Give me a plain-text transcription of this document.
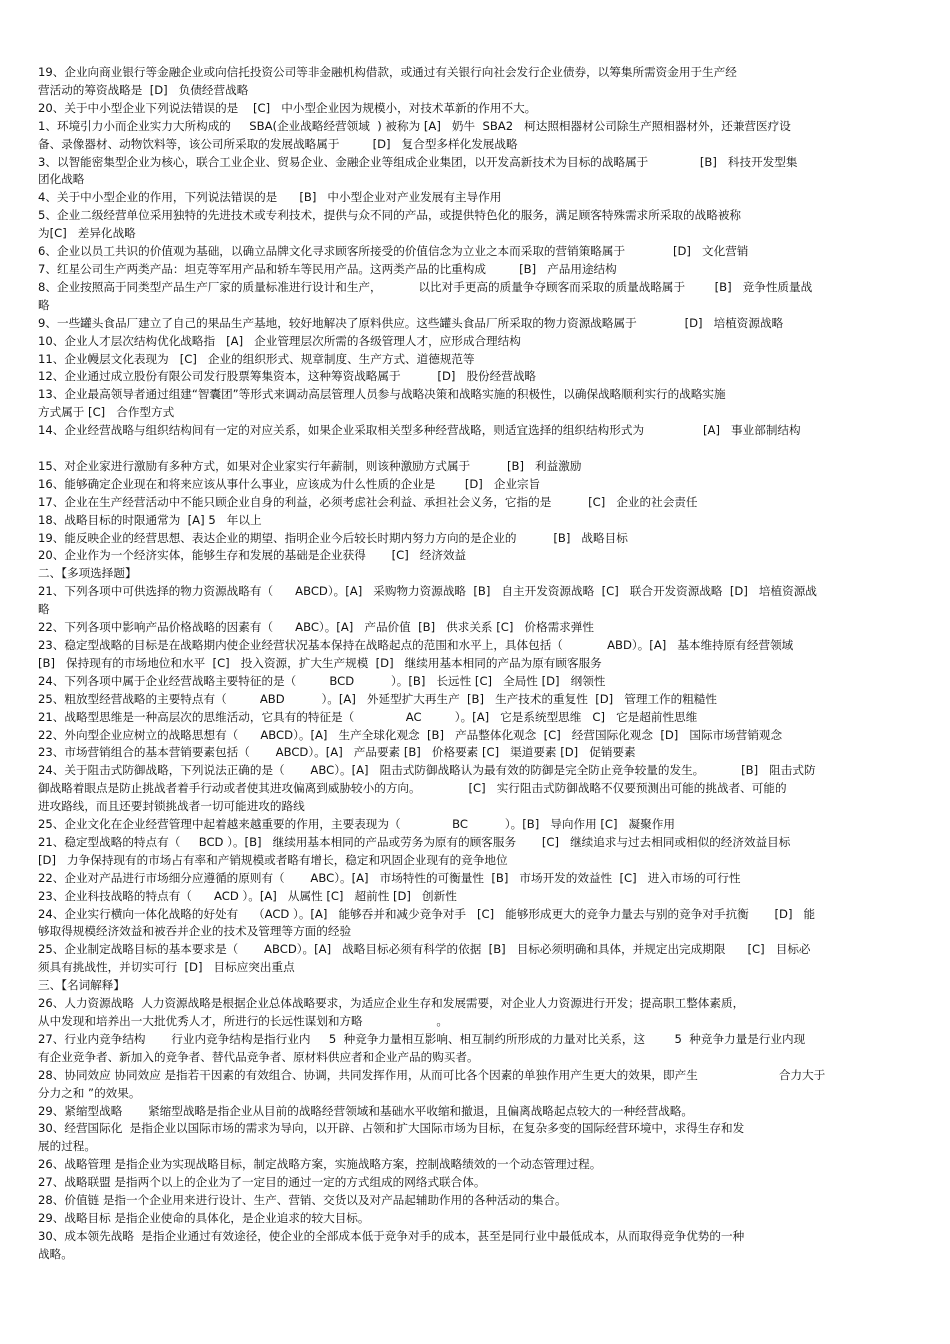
19、企业向商业银行等金融企业或向信托投资公司等非金融机构借款，或通过有关银行向社会发行企业债券，以筹集所需资金用于生产经
营活动的筹资战略是  [D]   负债经营战略
20、关于中小型企业下列说法错误的是    [C]   中小型企业因为规模小，对技术革新的作用不大。
1、环境引力小而企业实力大所构成的     SBA(企业战略经营领域  ) 被称为 [A]   奶牛  SBA2   柯达照相器材公司除生产照相器材外，还兼营医疗设
备、录像器材、动物饮料等，该公司所采取的发展战略属于         [D]   复合型多样化发展战略
3、以智能密集型企业为核心，联合工业企业、贸易企业、金融企业等组成企业集团，以开发高新技术为目标的战略属于              [B]   科技开发型集
团化战略
4、关于中小型企业的作用，下列说法错误的是      [B]   中小型企业对产业发展有主导作用
5、企业二级经营单位采用独特的先进技术或专利技术，提供与众不同的产品，或提供特色化的服务，满足顾客特殊需求所采取的战略被称
为[C]   差异化战略
6、企业以员工共识的价值观为基础，以确立品牌文化寻求顾客所接受的价值信念为立业之本而采取的营销策略属于             [D]   文化营销
7、红星公司生产两类产品：坦克等军用产品和轿车等民用产品。这两类产品的比重构成         [B]   产品用途结构
8、企业按照高于同类型产品生产厂家的质量标准进行设计和生产，          以比对手更高的质量争夺顾客而采取的质量战略属于        [B]   竞争性质量战
略
9、一些罐头食品厂建立了自己的果品生产基地，较好地解决了原料供应。这些罐头食品厂所采取的物力资源战略属于             [D]   培植资源战略
10、企业人才层次结构优化战略指   [A]   企业管理层次所需的各级管理人才，应形成合理结构
11、企业幔层文化表现为   [C]   企业的组织形式、规章制度、生产方式、道德规范等
12、企业通过成立股份有限公司发行股票筹集资本，这种筹资战略属于          [D]   股份经营战略
13、企业最高领导者通过组建“智囊团”等形式来调动高层管理人员参与战略决策和战略实施的积极性，以确保战略顺利实行的战略实施
方式属于 [C]   合作型方式
14、企业经营战略与组织结构间有一定的对应关系，如果企业采取相关型多种经营战略，则适宜选择的组织结构形式为                [A]   事业部制结构
15、对企业家进行激励有多种方式，如果对企业家实行年薪制，则该种激励方式属于          [B]   利益激励
16、能够确定企业现在和将来应该从事什么事业，应该成为什么性质的企业是        [D]   企业宗旨
17、企业在生产经营活动中不能只顾企业自身的利益，必须考虑社会利益、承担社会义务，它指的是          [C]   企业的社会责任
18、战略目标的时限通常为  [A] 5   年以上
19、能反映企业的经营思想、表达企业的期望、指明企业今后较长时期内努力方向的是企业的          [B]   战略目标
20、企业作为一个经济实体，能够生存和发展的基础是企业获得       [C]   经济效益
二、【多项选择题】
21、下列各项中可供选择的物力资源战略有（      ABCD）。[A]   采购物力资源战略  [B]   自主开发资源战略  [C]   联合开发资源战略  [D]   培植资源战
略
22、下列各项中影响产品价格战略的因素有（      ABC）。[A]   产品价值  [B]   供求关系 [C]   价格需求弹性
23、稳定型战略的目标是在战略期内使企业经营状况基本保持在战略起点的范围和水平上，具体包括（            ABD）。[A]   基本维持原有经营领域
[B]   保持现有的市场地位和水平  [C]   投入资源，扩大生产规模  [D]   继续用基本相同的产品为原有顾客服务
24、下列各项中属于企业经营战略主要特征的是（         BCD          ）。[B]   长远性 [C]   全局性 [D]   纲领性
25、粗放型经营战略的主要特点有（         ABD          ）。[A]   外延型扩大再生产  [B]   生产技术的重复性  [D]   管理工作的粗糙性
21、战略型思维是一种高层次的思维活动，它具有的特征是（              AC         ）。[A]   它是系统型思维   C]   它是超前性思维
22、外向型企业应树立的战略思想有（      ABCD）。[A]   生产全球化观念  [B]   产品整体化观念  [C]   经营国际化观念  [D]   国际市场营销观念
23、市场营销组合的基本营销要素包括（       ABCD）。[A]   产品要素 [B]   价格要素 [C]   渠道要素 [D]   促销要素
24、关于阻击式防御战略，下列说法正确的是（       ABC）。[A]   阻击式防御战略认为最有效的防御是完全防止竞争较量的发生。          [B]   阻击式防
御战略着眼点是防止挑战者着手行动或者使其进攻偏离到威胁较小的方向。             [C]   实行阻击式防御战略不仅要预测出可能的挑战者、可能的
进攻路线，而且还要封锁挑战者一切可能进攻的路线
25、企业文化在企业经营管理中起着越来越重要的作用，主要表现为（              BC          ）。[B]   导向作用 [C]   凝聚作用
21、稳定型战略的特点有（     BCD ）。[B]   继续用基本相同的产品或劳务为原有的顾客服务       [C]   继续追求与过去相同或相似的经济效益目标
[D]   力争保持现有的市场占有率和产销规模或者略有增长，稳定和巩固企业现有的竞争地位
22、企业对产品进行市场细分应遵循的原则有（       ABC）。[A]   市场特性的可衡量性  [B]   市场开发的效益性  [C]   进入市场的可行性
23、企业科技战略的特点有（      ACD ）。[A]   从属性 [C]   超前性 [D]   创新性
24、企业实行横向一体化战略的好处有    （ACD ）。[A]   能够吞并和减少竞争对手   [C]   能够形成更大的竞争力量去与别的竞争对手抗衡       [D]   能
够取得规模经济效益和被吞并企业的技术及管理等方面的经验
25、企业制定战略目标的基本要求是（       ABCD）。[A]   战略目标必须有科学的依据  [B]   目标必须明确和具体，并规定出完成期限      [C]   目标必
须具有挑战性，并切实可行  [D]   目标应突出重点
三、【名词解释】
26、人力资源战略  人力资源战略是根据企业总体战略要求，为适应企业生存和发展需要，对企业人力资源进行开发；提高职工整体素质，
从中发现和培养出一大批优秀人才，所进行的长远性谋划和方略                    。
27、行业内竞争结构       行业内竞争结构是指行业内     5  种竞争力量相互影响、相互制约所形成的力量对比关系，这        5  种竞争力量是行业内现
有企业竞争者、新加入的竞争者、替代品竞争者、原材料供应者和企业产品的购买者。
28、协同效应 协同效应 是指若干因素的有效组合、协调，共同发挥作用，从而可比各个因素的单独作用产生更大的效果，即产生                      合力大于
分力之和 ”的效果。
29、紧缩型战略       紧缩型战略是指企业从目前的战略经营领域和基础水平收缩和撤退，且偏离战略起点较大的一种经营战略。
30、经营国际化  是指企业以国际市场的需求为导向，以开辟、占领和扩大国际市场为目标，在复杂多变的国际经营环境中，求得生存和发
展的过程。
26、战略管理 是指企业为实现战略目标，制定战略方案，实施战略方案，控制战略绩效的一个动态管理过程。
27、战略联盟 是指两个以上的企业为了一定目的通过一定的方式组成的网络式联合体。
28、价值链 是指一个企业用来进行设计、生产、营销、交货以及对产品起辅助作用的各种活动的集合。
29、战略目标 是指企业使命的具体化，是企业追求的较大目标。
30、成本领先战略  是指企业通过有效途径，使企业的全部成本低于竞争对手的成本，甚至是同行业中最低成本，从而取得竞争优势的一种
战略。
